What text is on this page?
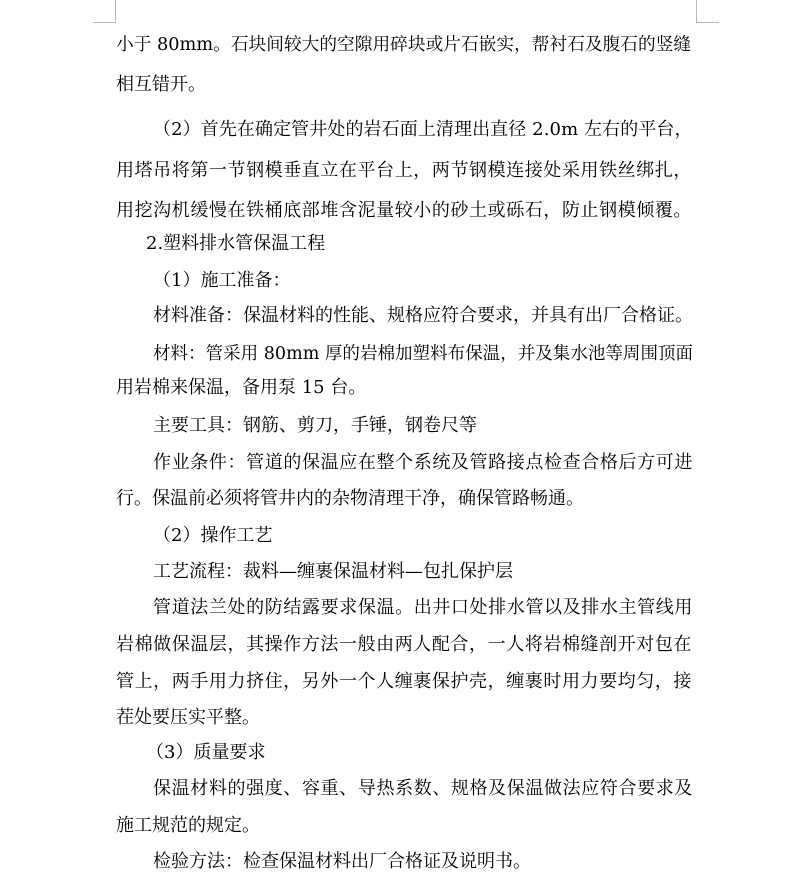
小于 80mm。石块间较大的空隙用碎块或片石嵌实，帮衬石及腹石的竖缝
相互错开。
（2）首先在确定管井处的岩石面上清理出直径 2.0m 左右的平台，
用塔吊将第一节钢模垂直立在平台上，两节钢模连接处采用铁丝绑扎，
用挖沟机缓慢在铁桶底部堆含泥量较小的砂土或砾石，防止钢模倾覆。
2.塑料排水管保温工程
（1）施工准备：
材料准备：保温材料的性能、规格应符合要求，并具有出厂合格证。
材料：管采用 80mm 厚的岩棉加塑料布保温，并及集水池等周围顶面
用岩棉来保温，备用泵 15 台。
主要工具：钢筋、剪刀，手锤，钢卷尺等
作业条件：管道的保温应在整个系统及管路接点检查合格后方可进
行。保温前必须将管井内的杂物清理干净，确保管路畅通。
（2）操作工艺
工艺流程：裁料—缠裹保温材料—包扎保护层
管道法兰处的防结露要求保温。出井口处排水管以及排水主管线用
岩棉做保温层，其操作方法一般由两人配合，一人将岩棉缝剖开对包在
管上，两手用力挤住，另外一个人缠裹保护壳，缠裹时用力要均匀，接
茬处要压实平整。
（3）质量要求
保温材料的强度、容重、导热系数、规格及保温做法应符合要求及
施工规范的规定。
检验方法：检查保温材料出厂合格证及说明书。
